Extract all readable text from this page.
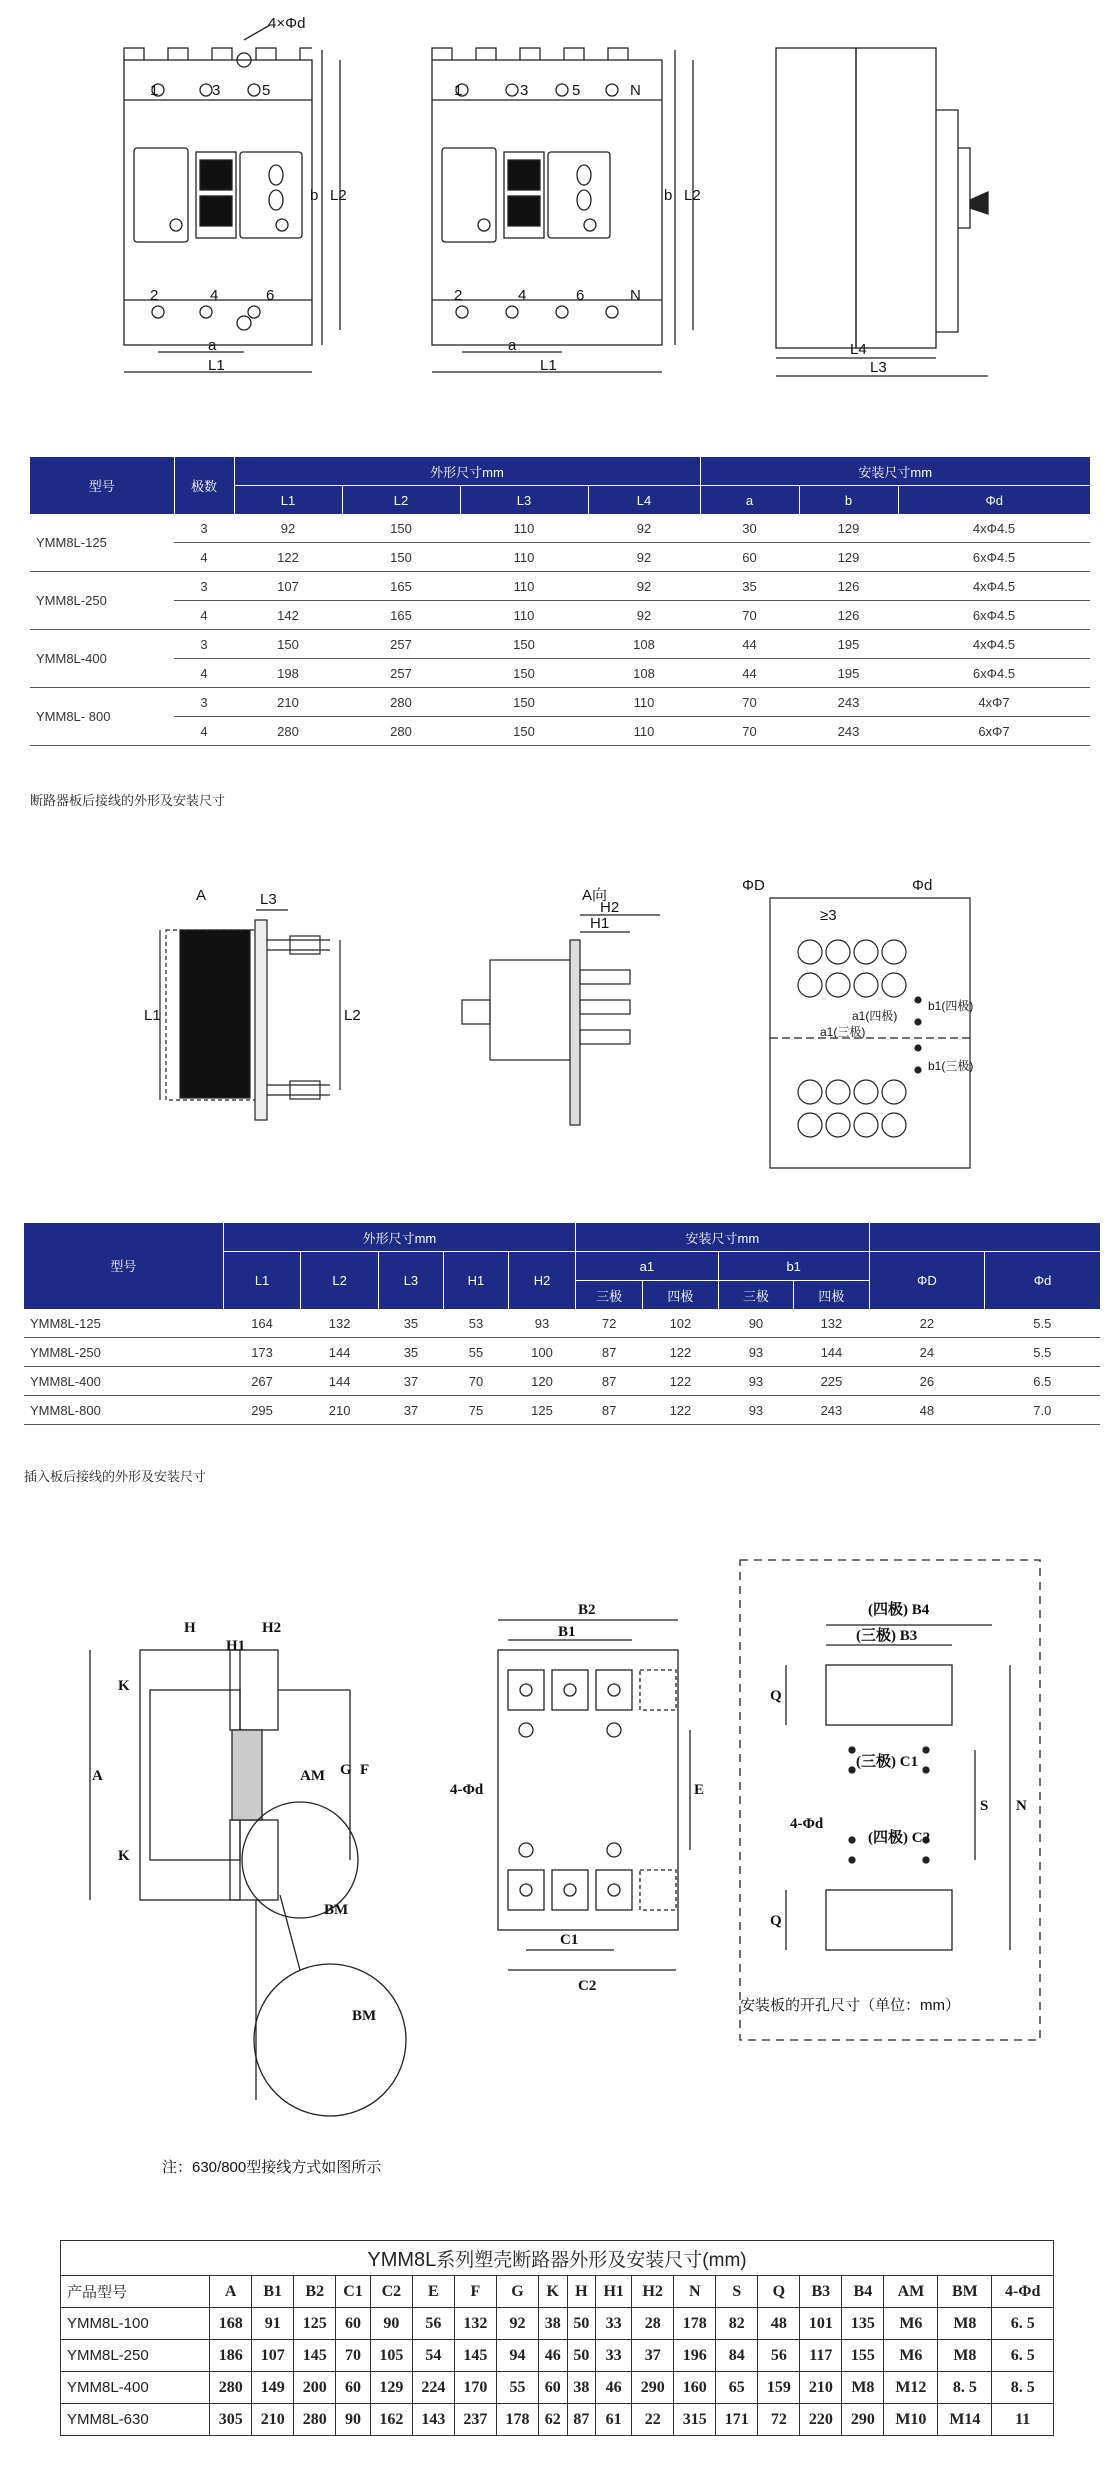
4×Φd
1	3	5
2	4	6
a
L1
b L2
1	3	5	N
2	4	6	N
a
L1
b L2
L4
L3
型号	极数	外形尺寸mm				安装尺寸mm		
		L1	L2	L3	L4	a	b	Φd
YMM8L-125	3	92	150	110	92	30	129	4xΦ4.5
	4	122	150	110	92	60	129	6xΦ4.5
YMM8L-250	3	107	165	110	92	35	126	4xΦ4.5
	4	142	165	110	92	70	126	6xΦ4.5
YMM8L-400	3	150	257	150	108	44	195	4xΦ4.5
	4	198	257	150	108	44	195	6xΦ4.5
YMM8L- 800	3	210	280	150	110	70	243	4xΦ7
	4	280	280	150	110	70	243	6xΦ7
断路器板后接线的外形及安装尺寸
A	L3
L1	L2
A向
H2
H1
ΦD	Φd
≥3
a1(四极)
a1(三极)
b1(四极)
b1(三极)
型号	外形尺寸mm					安装尺寸mm					
	L1	L2	L3	H1	H2	a1		b1		ΦD	Φd
						三极	四极	三极	四极		
YMM8L-125	164	132	35	53	93	72	102	90	132	22	5.5
YMM8L-250	173	144	35	55	100	87	122	93	144	24	5.5
YMM8L-400	267	144	37	70	120	87	122	93	225	26	6.5
YMM8L-800	295	210	37	75	125	87	122	93	243	48	7.0
插入板后接线的外形及安装尺寸
H	H2
H1
K
A
K
AM G F
BM
BM
B2
B1
4-Φd	E
C1
C2
(四极) B4
(三极) B3
(三极) C1
(四极) C2
4-Φd
Q
Q
S N
安装板的开孔尺寸（单位：mm）
注：630/800型接线方式如图所示
YMM8L系列塑壳断路器外形及安装尺寸(mm)																				
产品型号	A	B1	B2	C1	C2	E	F	G	K	H	H1	H2	N	S	Q	B3	B4	AM	BM	4-Φd
YMM8L-100	168	91	125	60	90	56	132	92	38	50	33	28	178	82	48	101	135	M6	M8	6. 5
YMM8L-250	186	107	145	70	105	54	145	94	46	50	33	37	196	84	56	117	155	M6	M8	6. 5
YMM8L-400	280	149	200	60	129	224	170	55	60	38	46	290	160	65	159	210	M8	M12	8. 5	8. 5
YMM8L-630	305	210	280	90	162	143	237	178	62	87	61	22	315	171	72	220	290	M10	M14	11
